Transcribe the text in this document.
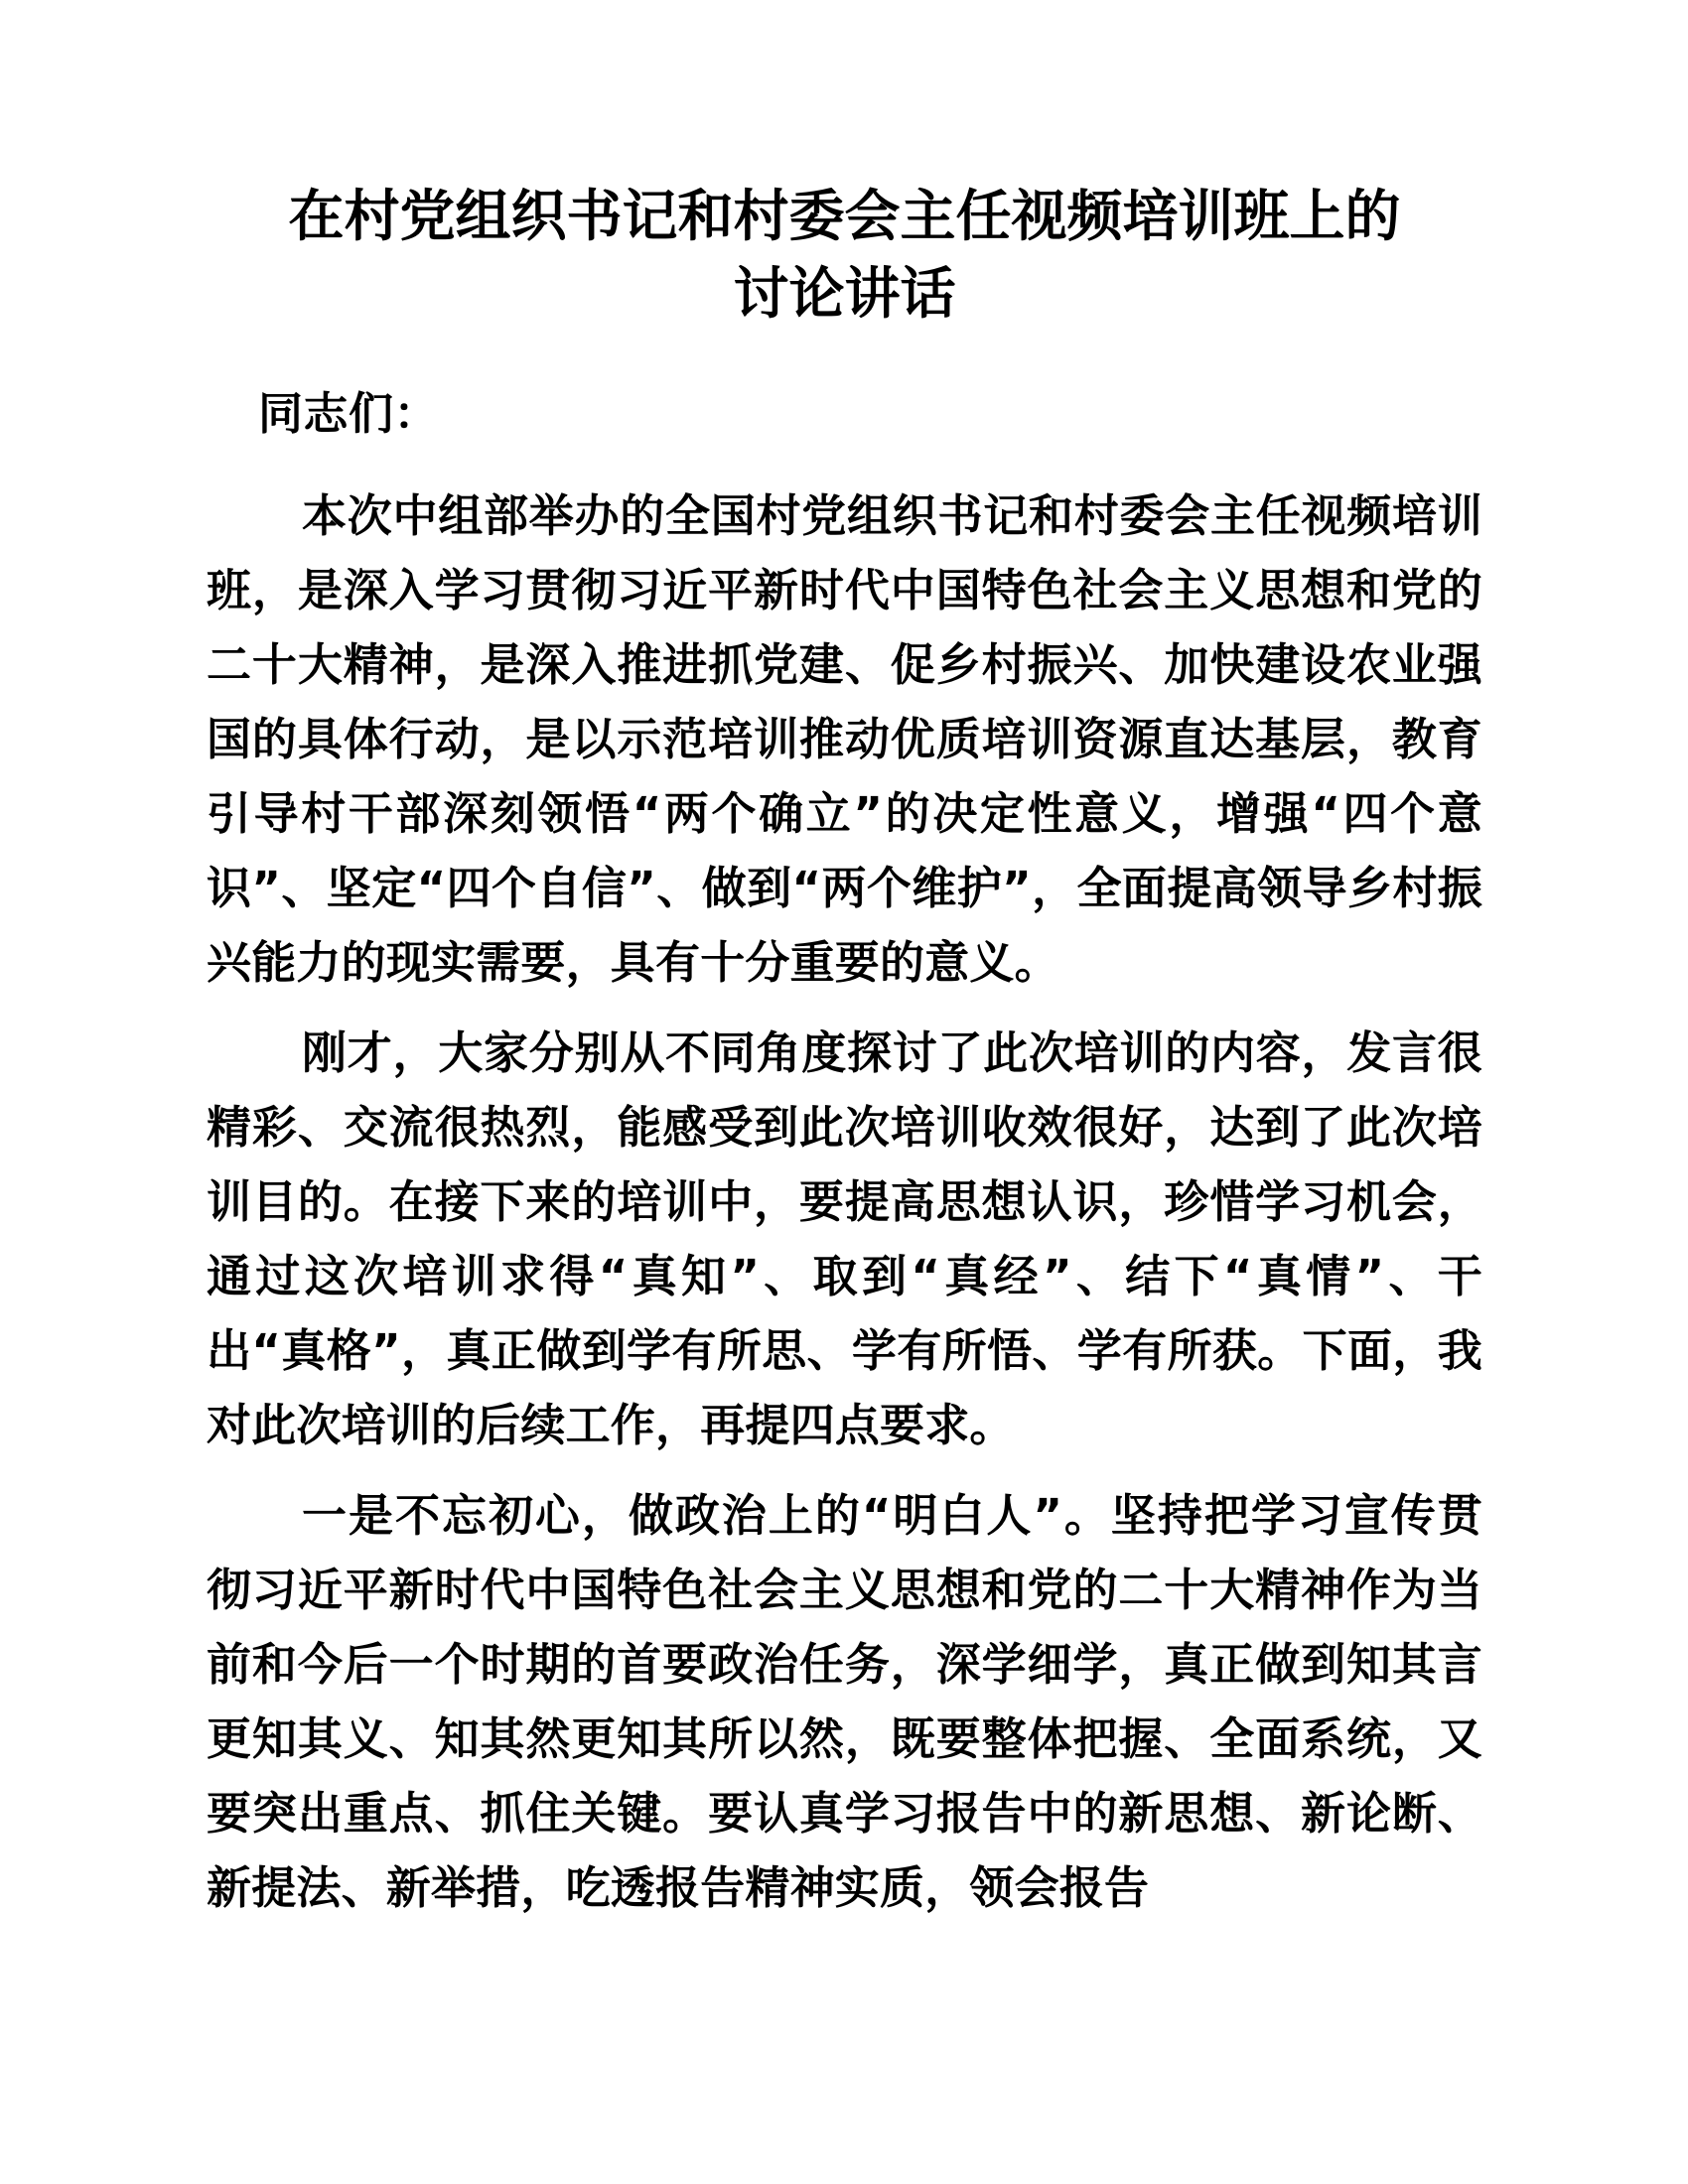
在村党组织书记和村委会主任视频培训班上的
讨论讲话

同志们：

本次中组部举办的全国村党组织书记和村委会主任视频培训班，是深入学习贯彻习近平新时代中国特色社会主义思想和党的二十大精神，是深入推进抓党建、促乡村振兴、加快建设农业强国的具体行动，是以示范培训推动优质培训资源直达基层，教育引导村干部深刻领悟“两个确立”的决定性意义，增强“四个意识”、坚定“四个自信”、做到“两个维护”，全面提高领导乡村振兴能力的现实需要，具有十分重要的意义。

刚才，大家分别从不同角度探讨了此次培训的内容，发言很精彩、交流很热烈，能感受到此次培训收效很好，达到了此次培训目的。在接下来的培训中，要提高思想认识，珍惜学习机会，通过这次培训求得“真知”、取到“真经”、结下“真情”、干出“真格”，真正做到学有所思、学有所悟、学有所获。下面，我对此次培训的后续工作，再提四点要求。

一是不忘初心，做政治上的“明白人”。坚持把学习宣传贯彻习近平新时代中国特色社会主义思想和党的二十大精神作为当前和今后一个时期的首要政治任务，深学细学，真正做到知其言更知其义、知其然更知其所以然，既要整体把握、全面系统，又要突出重点、抓住关键。要认真学习报告中的新思想、新论断、新提法、新举措，吃透报告精神实质，领会报告
